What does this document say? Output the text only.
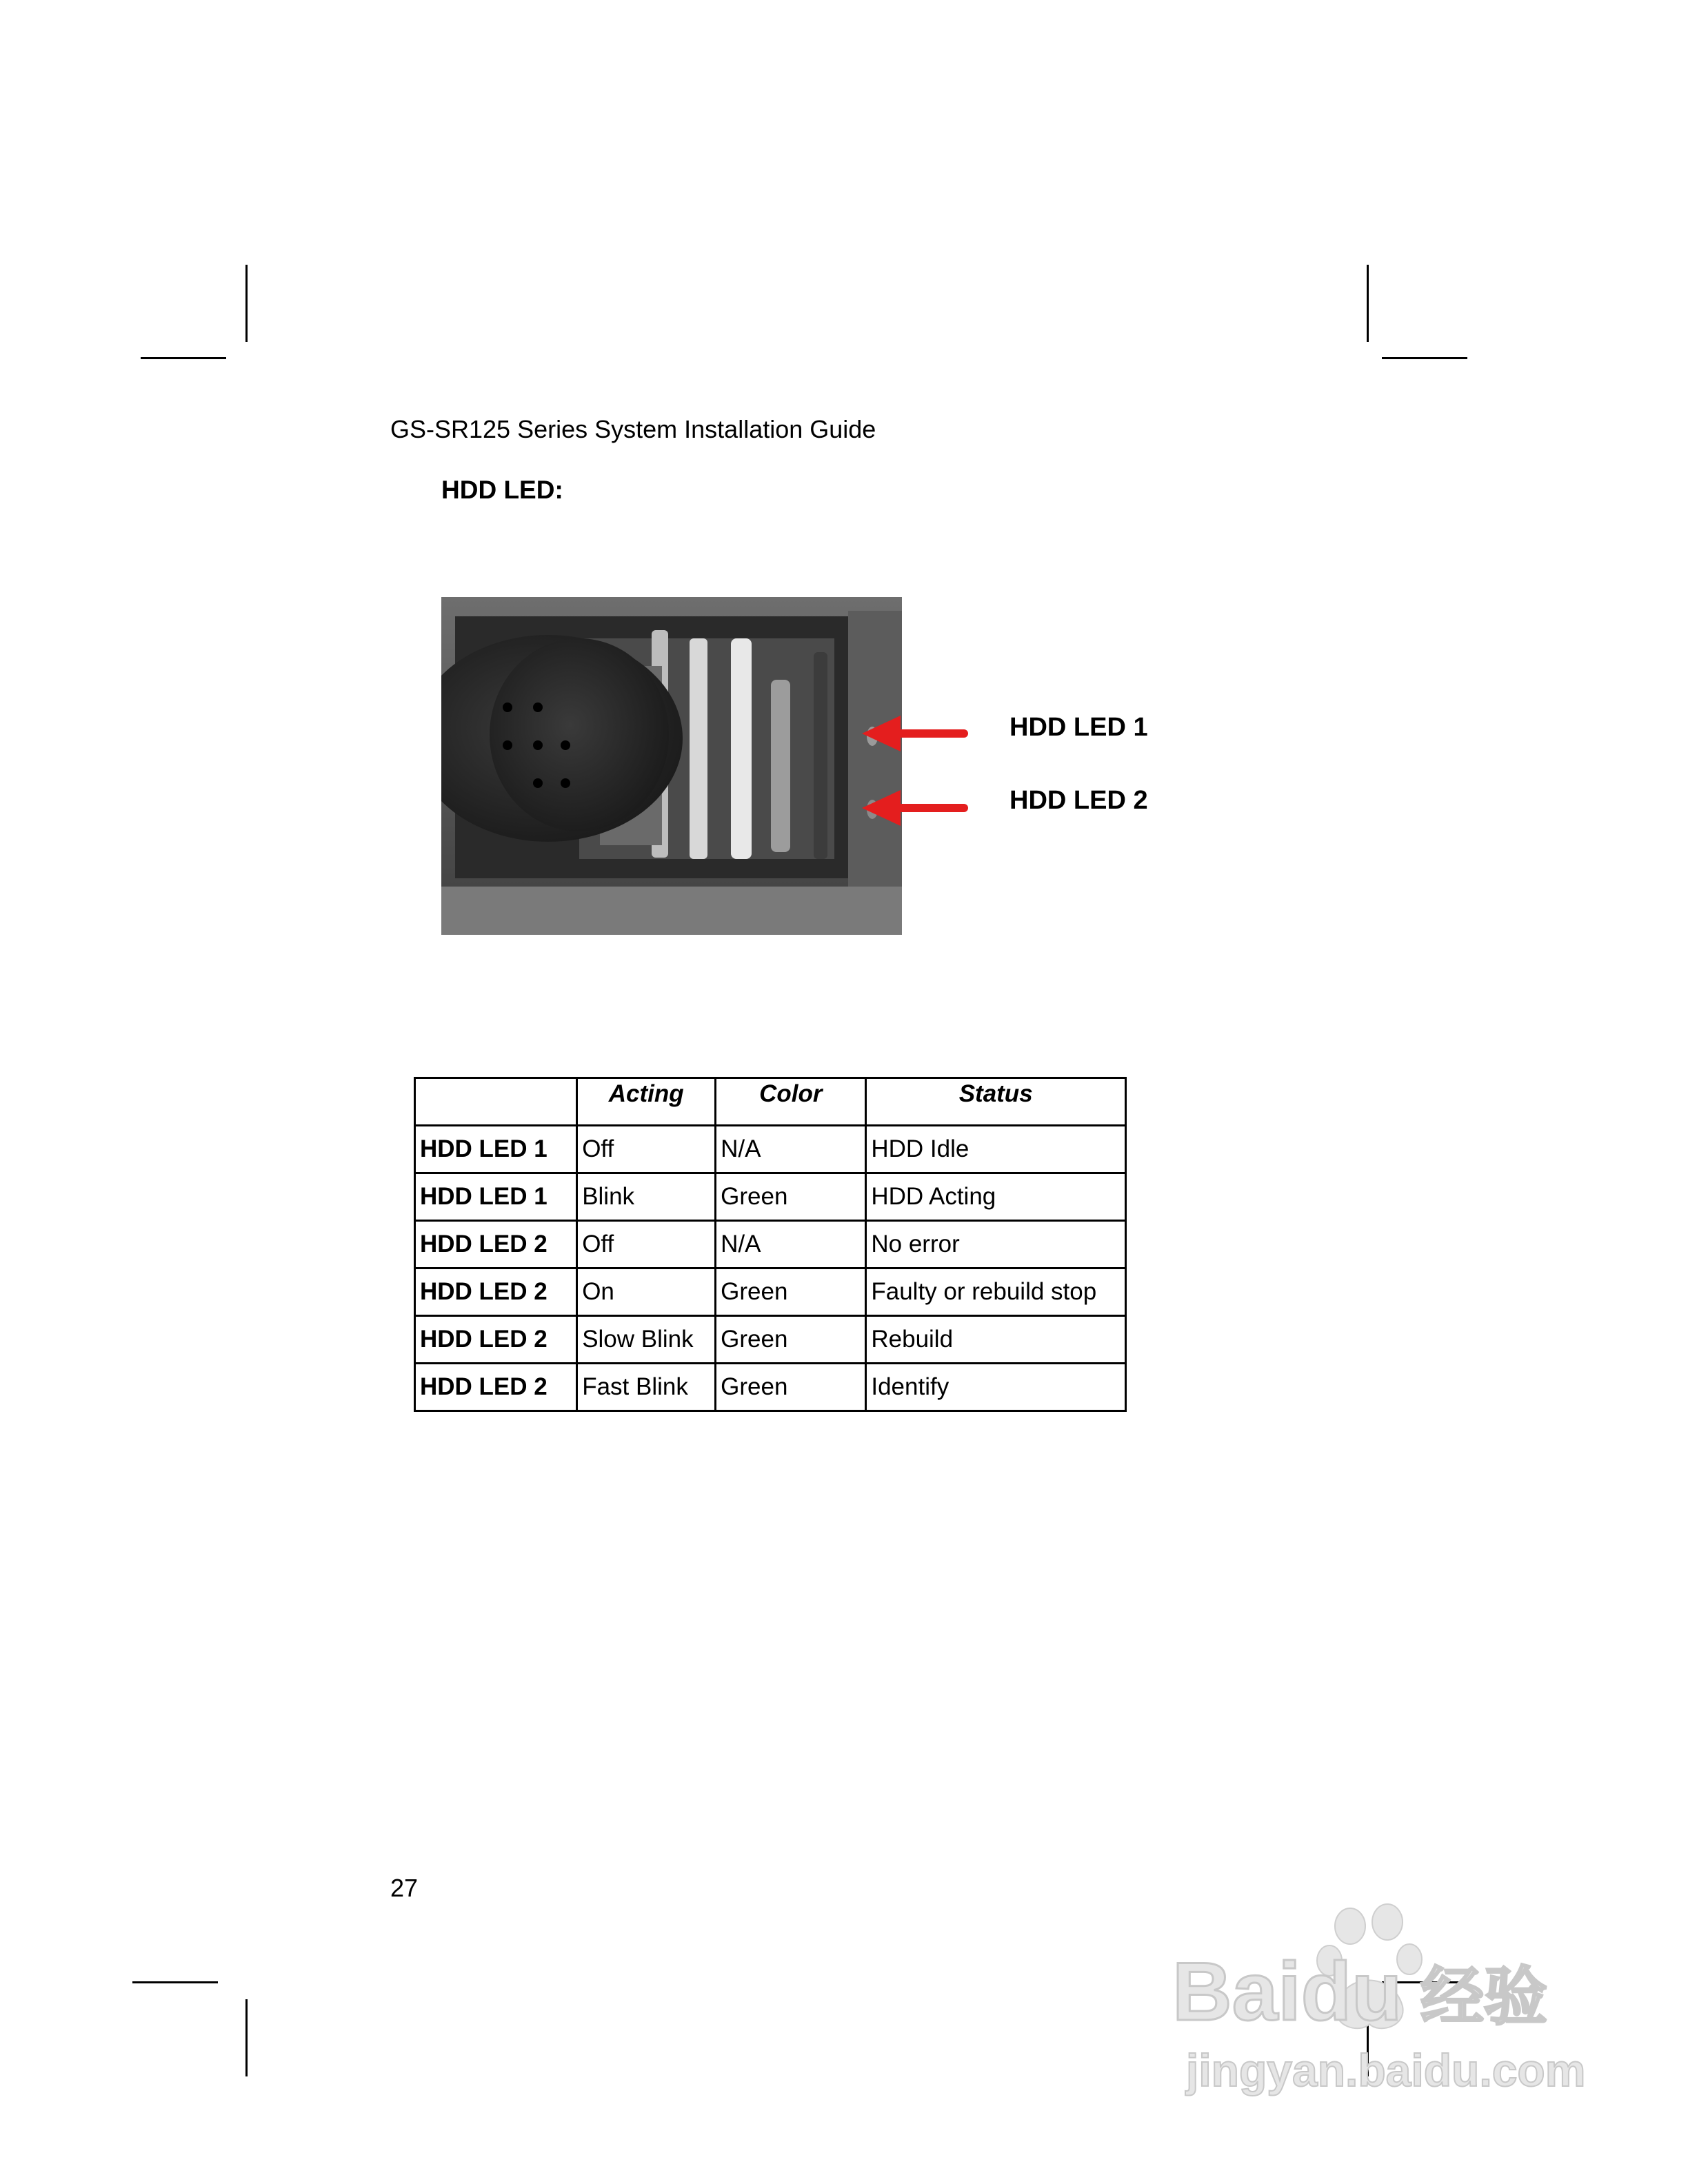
GS-SR125 Series System Installation Guide
HDD LED:
HDD LED 1
HDD LED 2
	Acting	Color	Status
HDD LED 1	Off	N/A	HDD Idle
HDD LED 1	Blink	Green	HDD Acting
HDD LED 2	Off	N/A	No error
HDD LED 2	On	Green	Faulty or rebuild stop
HDD LED 2	Slow Blink	Green	Rebuild
HDD LED 2	Fast Blink	Green	Identify
27
Baidu 经验
jingyan.baidu.com
